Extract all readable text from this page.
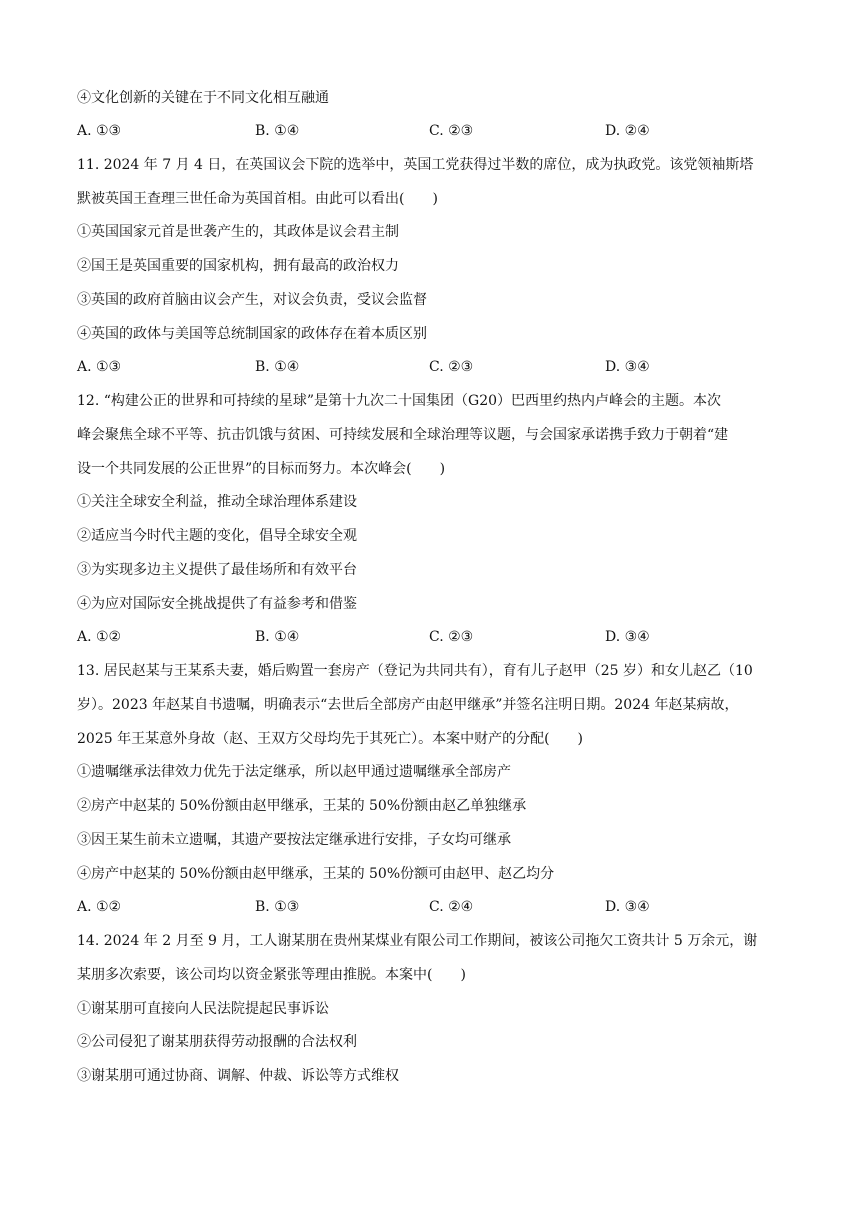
④文化创新的关键在于不同文化相互融通
A. ①③	B. ①④	C. ②③	D. ②④
11. 2024 年 7 月 4 日，在英国议会下院的选举中，英国工党获得过半数的席位，成为执政党。该党领袖斯塔
默被英国王查理三世任命为英国首相。由此可以看出(　　)
①英国国家元首是世袭产生的，其政体是议会君主制
②国王是英国重要的国家机构，拥有最高的政治权力
③英国的政府首脑由议会产生，对议会负责，受议会监督
④英国的政体与美国等总统制国家的政体存在着本质区别
A. ①③	B. ①④	C. ②③	D. ③④
12. “构建公正的世界和可持续的星球”是第十九次二十国集团（G20）巴西里约热内卢峰会的主题。本次
峰会聚焦全球不平等、抗击饥饿与贫困、可持续发展和全球治理等议题，与会国家承诺携手致力于朝着“建
设一个共同发展的公正世界”的目标而努力。本次峰会(　　)
①关注全球安全利益，推动全球治理体系建设
②适应当今时代主题的变化，倡导全球安全观
③为实现多边主义提供了最佳场所和有效平台
④为应对国际安全挑战提供了有益参考和借鉴
A. ①②	B. ①④	C. ②③	D. ③④
13. 居民赵某与王某系夫妻，婚后购置一套房产（登记为共同共有），育有儿子赵甲（25 岁）和女儿赵乙（10
岁）。2023 年赵某自书遗嘱，明确表示“去世后全部房产由赵甲继承”并签名注明日期。2024 年赵某病故，
2025 年王某意外身故（赵、王双方父母均先于其死亡）。本案中财产的分配(　　)
①遗嘱继承法律效力优先于法定继承，所以赵甲通过遗嘱继承全部房产
②房产中赵某的 50%份额由赵甲继承，王某的 50%份额由赵乙单独继承
③因王某生前未立遗嘱，其遗产要按法定继承进行安排，子女均可继承
④房产中赵某的 50%份额由赵甲继承，王某的 50%份额可由赵甲、赵乙均分
A. ①②	B. ①③	C. ②④	D. ③④
14. 2024 年 2 月至 9 月，工人谢某朋在贵州某煤业有限公司工作期间，被该公司拖欠工资共计 5 万余元，谢
某朋多次索要，该公司均以资金紧张等理由推脱。本案中(　　)
①谢某朋可直接向人民法院提起民事诉讼
②公司侵犯了谢某朋获得劳动报酬的合法权利
③谢某朋可通过协商、调解、仲裁、诉讼等方式维权
